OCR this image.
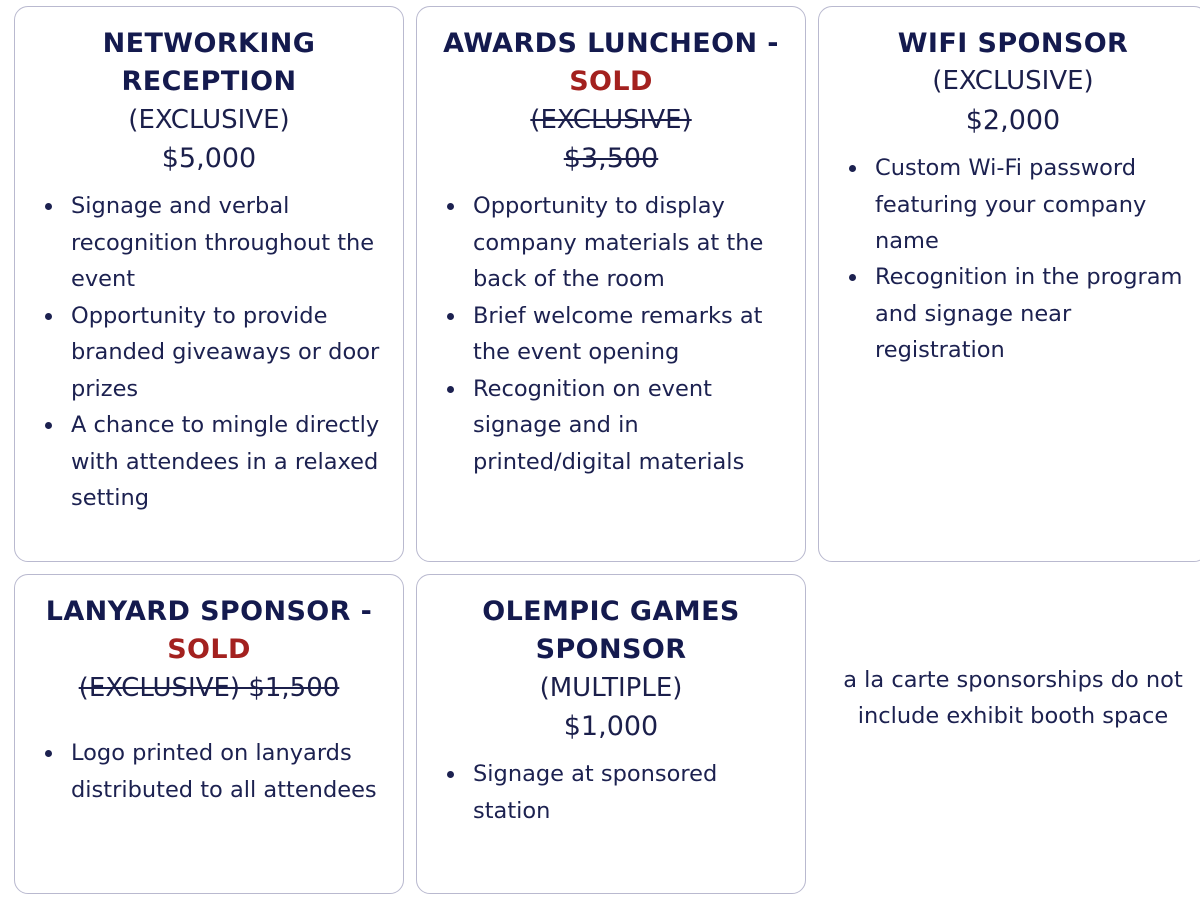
NETWORKING RECEPTION
(EXCLUSIVE)
$5,000
• Signage and verbal recognition throughout the event
• Opportunity to provide branded giveaways or door prizes
• A chance to mingle directly with attendees in a relaxed setting
AWARDS LUNCHEON - SOLD
(EXCLUSIVE)
$3,500
• Opportunity to display company materials at the back of the room
• Brief welcome remarks at the event opening
• Recognition on event signage and in printed/digital materials
WIFI SPONSOR
(EXCLUSIVE)
$2,000
• Custom Wi-Fi password featuring your company name
• Recognition in the program and signage near registration
LANYARD SPONSOR - SOLD
(EXCLUSIVE) $1,500
• Logo printed on lanyards distributed to all attendees
OLEMPIC GAMES SPONSOR
(MULTIPLE)
$1,000
• Signage at sponsored station
a la carte sponsorships do not include exhibit booth space
